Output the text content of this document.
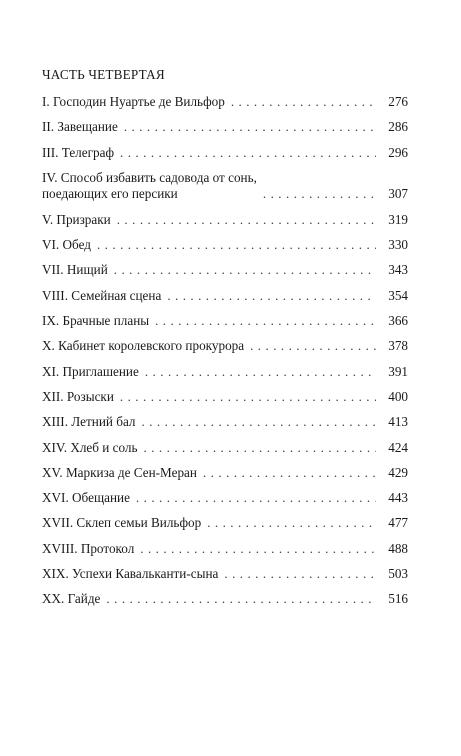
ЧАСТЬ ЧЕТВЕРТАЯ
I. Господин Нуартье де Вильфор . . .	276
II. Завещание . . .	286
III. Телеграф . . .	296
IV. Способ избавить садовода от сонь,
поедающих его персики . . .	307
V. Призраки . . .	319
VI. Обед . . .	330
VII. Нищий . . .	343
VIII. Семейная сцена . . .	354
IX. Брачные планы . . .	366
X. Кабинет королевского прокурора . . .	378
XI. Приглашение . . .	391
XII. Розыски . . .	400
XIII. Летний бал . . .	413
XIV. Хлеб и соль . . .	424
XV. Маркиза де Сен-Меран . . .	429
XVI. Обещание . . .	443
XVII. Склеп семьи Вильфор . . .	477
XVIII. Протокол . . .	488
XIX. Успехи Кавальканти-сына . . .	503
XX. Гайде . . .	516
